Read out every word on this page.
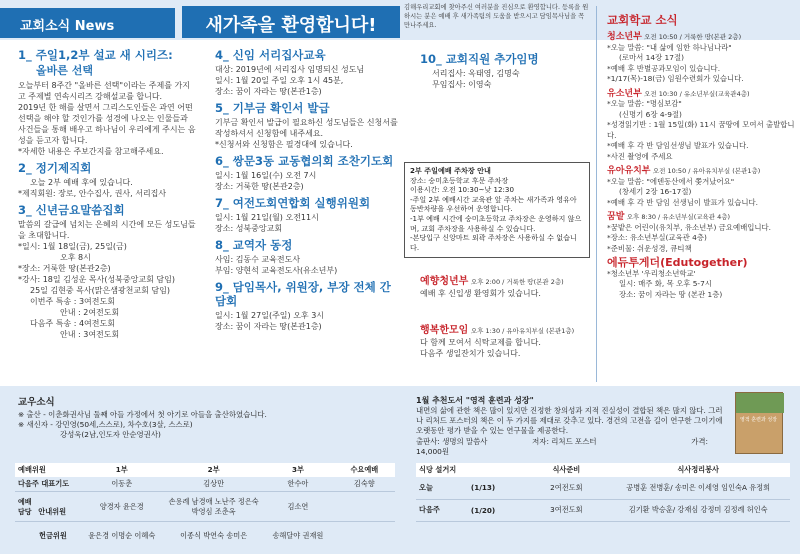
교회소식 News	새가족을 환영합니다!
김해우리교회에 찾아주신 여러분을 진심으로 환영합니다. 등록을 원하시는 분은 예배 후 새가족팀의 도움을 받으시고 담임목사님을 꼭 만나주세요.
1_ 주일1,2부 설교 새 시리즈:
올바른 선택

오늘부터 8주간 "올바른 선택"이라는 주제를 가지고 주제별 연속시리즈 강해설교를 합니다.

2019년 한 해를 살면서 그리스도인들은 과연 어떤 선택을 해야 할 것인가를 성경에 나오는 인물들과 사건들을 통해 배우고 하나님이 우리에게 주시는 음성을 듣고자 합니다.

*자세한 내용은 주보간지를 참고해주세요.

2_ 정기제직회

오늘 2부 예배 후에 있습니다.

*제직회원: 장로, 안수집사, 권사, 서리집사

3_ 신년금요말씀집회

말씀의 갈급에 넘치는 은혜의 시간에 모든 성도님들을 초대합니다.

*일시: 1월 18일(금), 25일(금)

오후 8시

*장소: 거룩한 땅(본관2층)

*강사: 18일 김성운 목사(성북중앙교회 담임)

25일 김현중 목사(맑은샘광천교회 담임)

이번주 특송 : 3여전도회

안내 : 2여전도회

다음주 특송 : 4여전도회

안내 : 3여전도회

4_ 신임 서리집사교육

대상: 2019년에 서리집사 임명되신 성도님

일시: 1월 20일 주일 오후 1시 45분,

장소: 꿈이 자라는 땅(본관1층)

5_ 기부금 확인서 발급

기부금 확인서 발급이 필요하신 성도님들은 신청서를 작성하셔서 신청함에 내주세요.

*신청서와 신청함은 필경대에 있습니다.

6_ 쌍문3동 교동협의회 조찬기도회

일시: 1월 16일(수) 오전 7시

장소: 거룩한 땅(본관2층)

7_ 여전도회연합회 실행위원회

일시: 1월 21일(월) 오전11시

장소: 성북중앙교회

8_ 교역자 동정

사임: 김동수 교육전도사

부임: 양현석 교육전도사(유소년부)

9_ 담임목사, 위원장, 부장 전체 간담회

일시: 1월 27일(주일) 오후 3시

장소: 꿈이 자라는 땅(본관1층)

10_ 교회직원 추가임명

서리집사: 옥태영, 김명숙

무임집사: 이영숙

2부 주일예배 주차장 안내

장소: 숭미초등학교 후문 주차장

이용시간: 오전 10:30~낮 12:30

-주일 2부 예배시간 교육관 앞 주차는 새가족과 영유아 동반차량을 우선하여 운영합니다.

-1부 예배 시간에 숭미초등학교 주차장은 운영하지 않으며, 교회 주차장을 사용하실 수 있습니다.

-본당입구 신앙마트 외곽 주차장은 사용하실 수 없습니다.

예향청년부 오후 2:00 / 거룩한 땅(본관 2층)

예배 후 신입생 환영회가 있습니다.

행복한모임 오후 1:30 / 유아유치부실 (본관1층)

다 함께 모여서 식탁교제를 합니다.

다음주 생일잔치가 있습니다.

교회학교 소식
청소년부 오전 10:50 / 거룩한 땅(본관 2층)

*오늘 말씀: "내 삶에 임한 하나님나라"

(로마서 14장 17절)

*예배 후 반별공과모임이 있습니다.

*1/17(목)-18(금) 임원수련회가 있습니다.

유소년부 오전 10:30 / 유소년부실(교육관4층)

*오늘 말씀: "명심보감"

(신명기 6장 4-9절)

*성경읽기반 : 1월 15일(화) 11시 꿈땅에 모여서 출발합니다.

*예배 후 각 반 담임선생님 발표가 있습니다.

*사진 촬영에 주세요

유아유치부 오전 10:50 / 유아유치부실 (본관1층)

*오늘 말씀: "에덴동산에서 쫓겨났어요"

(창세기 2장 16-17절)

*예배 후 각 반 담임 선생님이 발표가 있습니다.

꿈밭 오후 8:30 / 유소년부실(교육관 4층)

*꿈밭은 어린이(유치부, 유소년부) 금요예배입니다.

*장소: 유소년부실(교육관 4층)

*준비물: 쉬운성경, 큐티책

에듀투게더(Edutogether)

*청소년부 '우리청소년학교'

일시: 매주 화, 목 오후 5-7시

장소: 꿈이 자라는 땅 (본관 1층)

교우소식

※ 출산 - 이춘화권사님 둘째 아들 가정에서 첫 아기로 아들을 출산하였습니다.

※ 새신자 - 강민영(50세,스스로), 차수호(3살, 스스로)

강성욱(2남,인도자 안순영권사)

1월 추천도서 "영적 훈련과 성장"

내면의 삶에 관한 책은 많이 있지만 진정한 창의성과 지적 진실성이 결합된 책은 많지 않다. 그러나 리처드 포스터의 책은 이 두 가지를 제대로 갖추고 있다. 경건의 고전을 길이 연구한 그이기에 오랫동안 평가 받을 수 있는 연구물을 제공한다.

출판사: 생명의 말씀사	저자: 리처드 포스터	가격: 14,000원

영적 훈련과 성장
예배위원	1부	2부	3부	수요예배
다음주 대표기도	이동춘	김상만	한수아	김숙향
예배 담당 안내위원	양경자 윤은경	손용례 남경애 노난주 정은숙 박영심 조춘옥	김소연	
헌금위원	윤은경 이명순 이혜숙	이종식 박연숙 송미은	송해달야 권재원	
식당 설거지		식사준비	식사정리봉사
오늘	(1/13)	2여전도회	공병훈 전병훈/ 송미은 이세영 임인숙A 유정희
다음주	(1/20)	3여전도회	김기환 박승훈/ 강재심 강정미 김정례 허인숙
